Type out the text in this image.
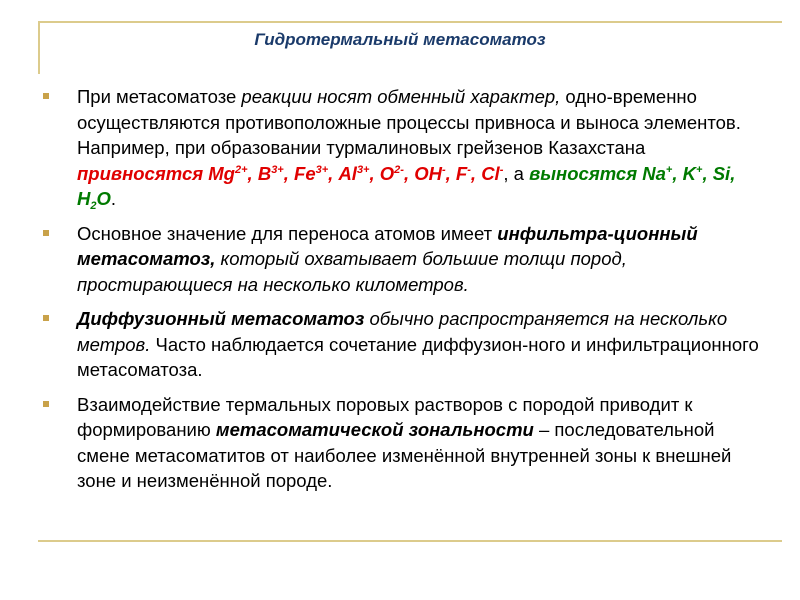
Гидротермальный метасоматоз
При метасоматозе реакции носят обменный характер, одно-временно осуществляются противоположные процессы привноса и выноса элементов. Например, при образовании турмалиновых грейзенов Казахстана привносятся $Mg^{2+}$, $B^{3+}$, $Fe^{3+}$, $Al^{3+}$, $O^{2-}$, OH-, F-, Cl-, а выносятся Na+, K+, Si, $H_2O$.
Основное значение для переноса атомов имеет инфильтра-ционный метасоматоз, который охватывает большие толщи пород, простирающиеся на несколько километров.
Диффузионный метасоматоз обычно распространяется на несколько метров. Часто наблюдается сочетание диффузион-ного и инфильтрационного метасоматоза.
Взаимодействие термальных поровых растворов с породой приводит к формированию метасоматической зональности – последовательной смене метасоматитов от наиболее изменённой внутренней зоны к внешней зоне и неизменённой породе.
